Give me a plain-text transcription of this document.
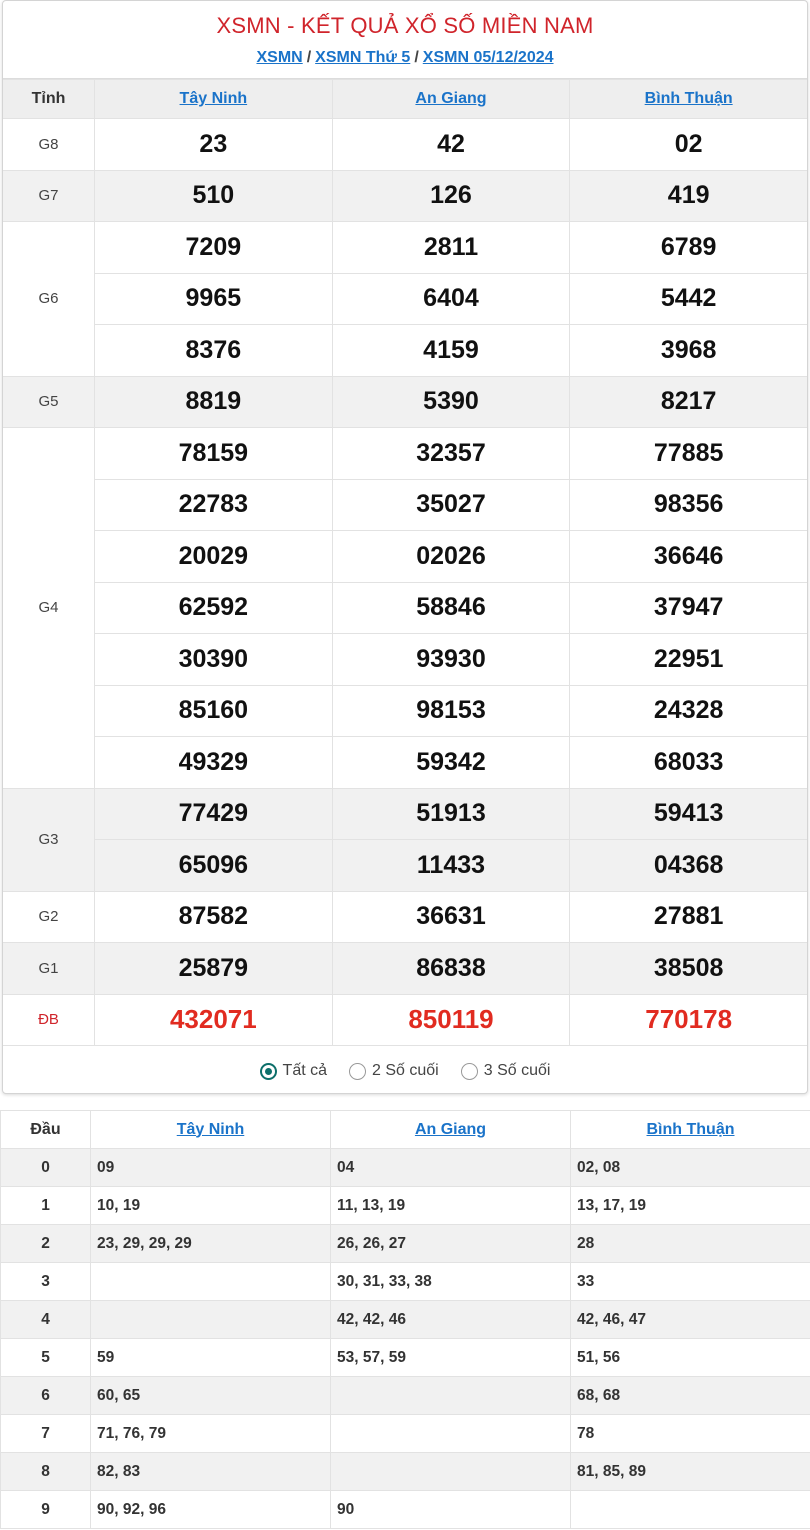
XSMN - KẾT QUẢ XỔ SỐ MIỀN NAM
XSMN / XSMN Thứ 5 / XSMN 05/12/2024
Tỉnh	Tây Ninh	An Giang	Bình Thuận
G8	23	42	02
G7	510	126	419
G6	7209	2811	6789
	9965	6404	5442
	8376	4159	3968
G5	8819	5390	8217
G4	78159	32357	77885
	22783	35027	98356
	20029	02026	36646
	62592	58846	37947
	30390	93930	22951
	85160	98153	24328
	49329	59342	68033
G3	77429	51913	59413
	65096	11433	04368
G2	87582	36631	27881
G1	25879	86838	38508
ĐB	432071	850119	770178
Tất cả	2 Số cuối	3 Số cuối
Đầu	Tây Ninh	An Giang	Bình Thuận
0	09	04	02, 08
1	10, 19	11, 13, 19	13, 17, 19
2	23, 29, 29, 29	26, 26, 27	28
3		30, 31, 33, 38	33
4		42, 42, 46	42, 46, 47
5	59	53, 57, 59	51, 56
6	60, 65		68, 68
7	71, 76, 79		78
8	82, 83		81, 85, 89
9	90, 92, 96	90	
